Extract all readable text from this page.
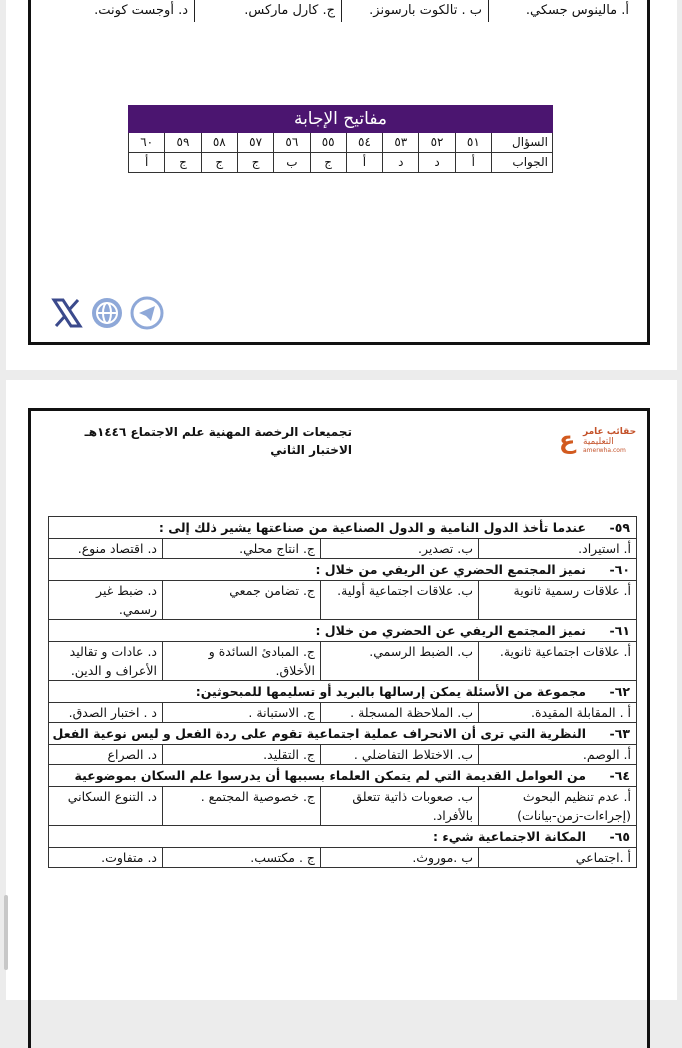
أ. مالينوس جسكي.
ب . تالكوت بارسونز.
ج. كارل ماركس.
د. أوجست كونت.
مفاتيح الإجابة
السؤال
٥١
٥٢
٥٣
٥٤
٥٥
٥٦
٥٧
٥٨
٥٩
٦٠
الجواب
أ
د
د
أ
ج
ب
ج
ج
ج
أ
تجميعات الرخصة المهنية علم الاجتماع ١٤٤٦هـ
الاختبار الثاني	ع حقائب عامر
التعليمية
amerwha.com
٥٩-عندما تأخذ الدول النامية و الدول الصناعية من صناعتها يشير ذلك إلى :
أ. استيراد.
ب. تصدير.
ج. انتاج محلي.
د. اقتصاد منوع.
٦٠-نميز المجتمع الحضري عن الريفي من خلال :
أ. علاقات رسمية ثانوية
ب. علاقات اجتماعية أولية.
ج. تضامن جمعي
د. ضبط غير رسمي.
٦١-نميز المجتمع الريفي عن الحضري من خلال :
أ. علاقات اجتماعية ثانوية.
ب. الضبط الرسمي.
ج. المبادئ السائدة و الأخلاق.
د. عادات و تقاليد الأعراف و الدين.
٦٢-مجموعة من الأسئلة يمكن إرسالها بالبريد أو تسليمها للمبحوثين:
أ . المقابلة المقيدة.
ب. الملاحظة المسجلة .
ج. الاستبانة .
د . اختبار الصدق.
٦٣-النظرية التي ترى أن الانحراف عملية اجتماعية تقوم على ردة الفعل و ليس نوعية الفعل
أ. الوصم.
ب. الاختلاط التفاضلي .
ج. التقليد.
د. الصراع
٦٤-من العوامل القديمة التي لم يتمكن العلماء بسببها أن يدرسوا علم السكان بموضوعية
أ. عدم تنظيم البحوث (إجراءات-زمن-بيانات)
ب. صعوبات ذاتية تتعلق بالأفراد.
ج. خصوصية المجتمع .
د. التنوع السكاني
٦٥-المكانة الاجتماعية شيء :
أ .اجتماعي
ب .موروث.
ج . مكتسب.
د. متفاوت.
